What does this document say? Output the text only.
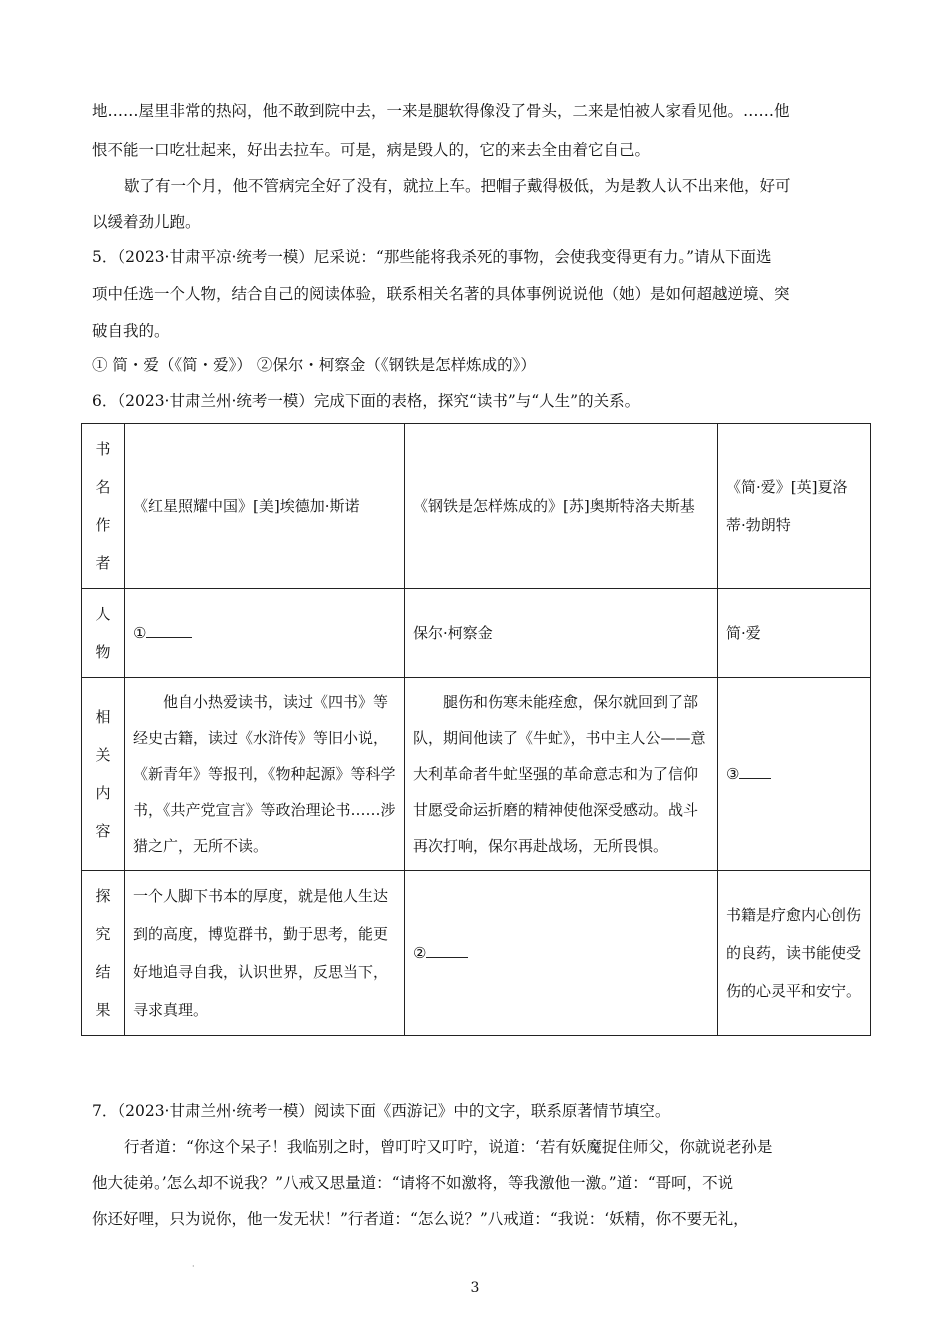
地……屋里非常的热闷，他不敢到院中去，一来是腿软得像没了骨头，二来是怕被人家看见他。……他
恨不能一口吃壮起来，好出去拉车。可是，病是毁人的，它的来去全由着它自己。
歇了有一个月，他不管病完全好了没有，就拉上车。把帽子戴得极低，为是教人认不出来他，好可
以缓着劲儿跑。
5．（2023·甘肃平凉·统考一模）尼采说：“那些能将我杀死的事物，会使我变得更有力。”请从下面选
项中任选一个人物，结合自己的阅读体验，联系相关名著的具体事例说说他（她）是如何超越逆境、突
破自我的。
① 简・爱（《简・爱》） ②保尔・柯察金（《钢铁是怎样炼成的》）
6．（2023·甘肃兰州·统考一模）完成下面的表格，探究“读书”与“人生”的关系。
书
名
作
者	《红星照耀中国》[美]埃德加·斯诺	《钢铁是怎样炼成的》[苏]奥斯特洛夫斯基	《简·爱》[英]夏洛蒂·勃朗特

人
物	①	保尔·柯察金	简·爱

相
关
内
容	他自小热爱读书，读过《四书》等经史古籍，读过《水浒传》等旧小说，《新青年》等报刊，《物种起源》等科学书，《共产党宣言》等政治理论书……涉猎之广，无所不读。	腿伤和伤寒未能痊愈，保尔就回到了部队，期间他读了《牛虻》，书中主人公——意大利革命者牛虻坚强的革命意志和为了信仰甘愿受命运折磨的精神使他深受感动。战斗再次打响，保尔再赴战场，无所畏惧。	③

探
究
结
果	一个人脚下书本的厚度，就是他人生达到的高度，博览群书，勤于思考，能更好地追寻自我，认识世界，反思当下，寻求真理。	②	书籍是疗愈内心创伤的良药，读书能使受伤的心灵平和安宁。
7．（2023·甘肃兰州·统考一模）阅读下面《西游记》中的文字，联系原著情节填空。
行者道：“你这个呆子！我临别之时，曾叮咛又叮咛，说道：‘若有妖魔捉住师父，你就说老孙是
他大徒弟。’怎么却不说我？”八戒又思量道：“请将不如激将，等我激他一激。”道：“哥呵，不说
你还好哩，只为说你，他一发无状！”行者道：“怎么说？”八戒道：“我说：‘妖精，你不要无礼，
·
3
